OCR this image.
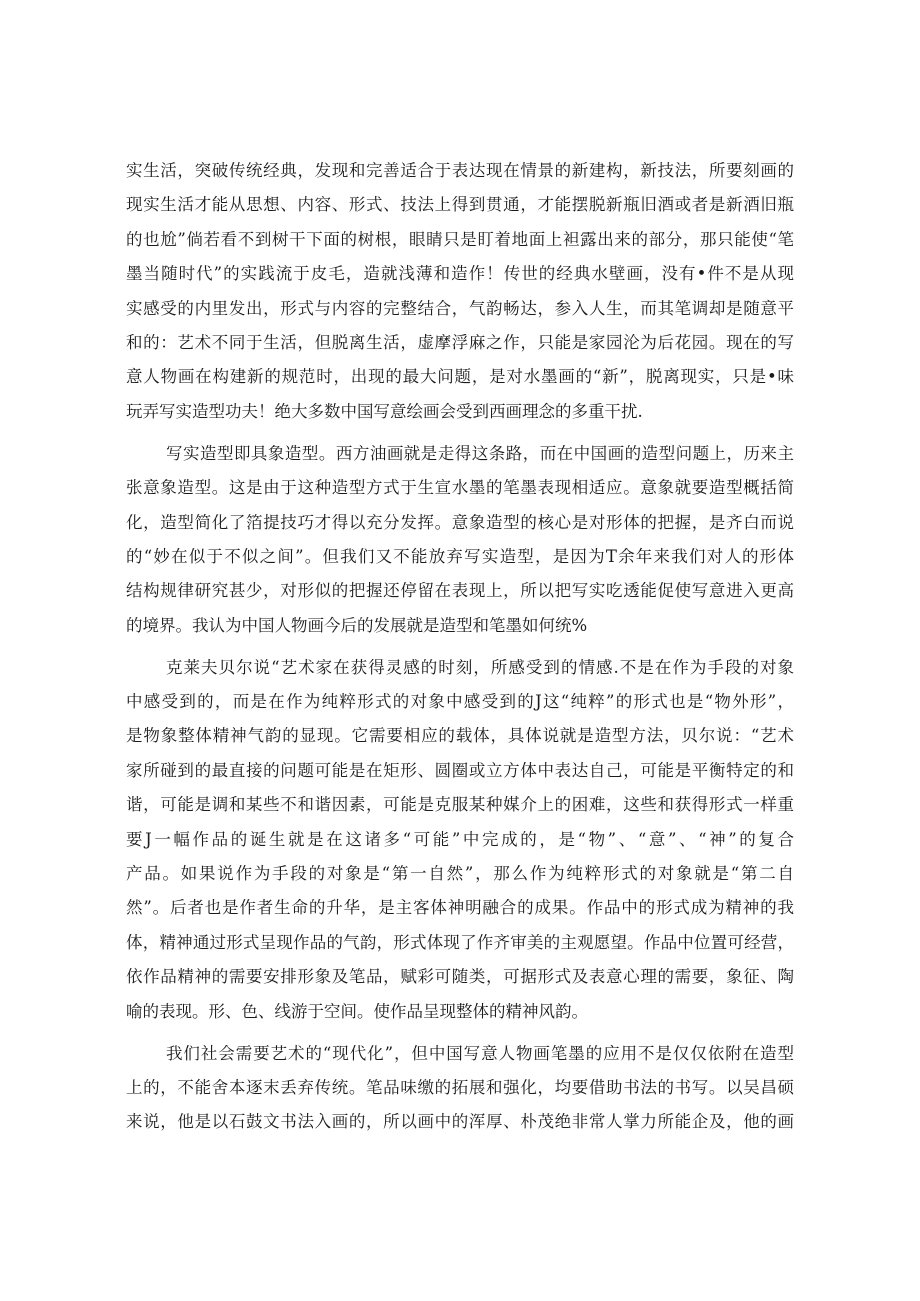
实生活，突破传统经典，发现和完善适合于表达现在情景的新建构，新技法，所要刻画的
现实生活才能从思想、内容、形式、技法上得到贯通，才能摆脱新瓶旧酒或者是新酒旧瓶
的也尬”倘若看不到树干下面的树根，眼睛只是盯着地面上袒露出来的部分，那只能使“笔
墨当随时代”的实践流于皮毛，造就浅薄和造作！传世的经典水壁画，没有•件不是从现
实感受的内里发出，形式与内容的完整结合，气韵畅达，参入人生，而其笔调却是随意平
和的：艺术不同于生活，但脱离生活，虚摩浮麻之作，只能是家园沦为后花园。现在的写
意人物画在构建新的规范时，出现的最大问题，是对水墨画的“新”，脱离现实，只是•味
玩弄写实造型功夫！绝大多数中国写意绘画会受到西画理念的多重干扰.
写实造型即具象造型。西方油画就是走得这条路，而在中国画的造型问题上，历来主
张意象造型。这是由于这种造型方式于生宣水墨的笔墨表现相适应。意象就要造型概括简
化，造型简化了箔提技巧才得以充分发挥。意象造型的核心是对形体的把握，是齐白而说
的“妙在似于不似之间”。但我们又不能放弃写实造型，是因为T余年来我们对人的形体
结构规律研究甚少，对形似的把握还停留在表现上，所以把写实吃透能促使写意进入更高
的境界。我认为中国人物画今后的发展就是造型和笔墨如何统%
克莱夫贝尔说“艺术家在获得灵感的时刻，所感受到的情感.不是在作为手段的对象
中感受到的，而是在作为纯粹形式的对象中感受到的J这“纯粹”的形式也是“物外形”，
是物象整体精神气韵的显现。它需要相应的载体，具体说就是造型方法，贝尔说：“艺术
家所碰到的最直接的问题可能是在矩形、圆圈或立方体中表达自己，可能是平衡特定的和
谐，可能是调和某些不和谐因素，可能是克服某种媒介上的困难，这些和获得形式一样重
要J一幅作品的诞生就是在这诸多“可能”中完成的，是“物”、“意”、“神”的复合
产品。如果说作为手段的对象是“第一自然”，那么作为纯粹形式的对象就是“第二自
然”。后者也是作者生命的升华，是主客体神明融合的成果。作品中的形式成为精神的我
体，精神通过形式呈现作品的气韵，形式体现了作齐审美的主观愿望。作品中位置可经营，
依作品精神的需要安排形象及笔品，赋彩可随类，可据形式及表意心理的需要，象征、陶
喻的表现。形、色、线游于空间。使作品呈现整体的精神风韵。
我们社会需要艺术的“现代化”，但中国写意人物画笔墨的应用不是仅仅依附在造型
上的，不能舍本逐末丢弃传统。笔品味缴的拓展和强化，均要借助书法的书写。以吴昌硕
来说，他是以石鼓文书法入画的，所以画中的浑厚、朴茂绝非常人掌力所能企及，他的画
